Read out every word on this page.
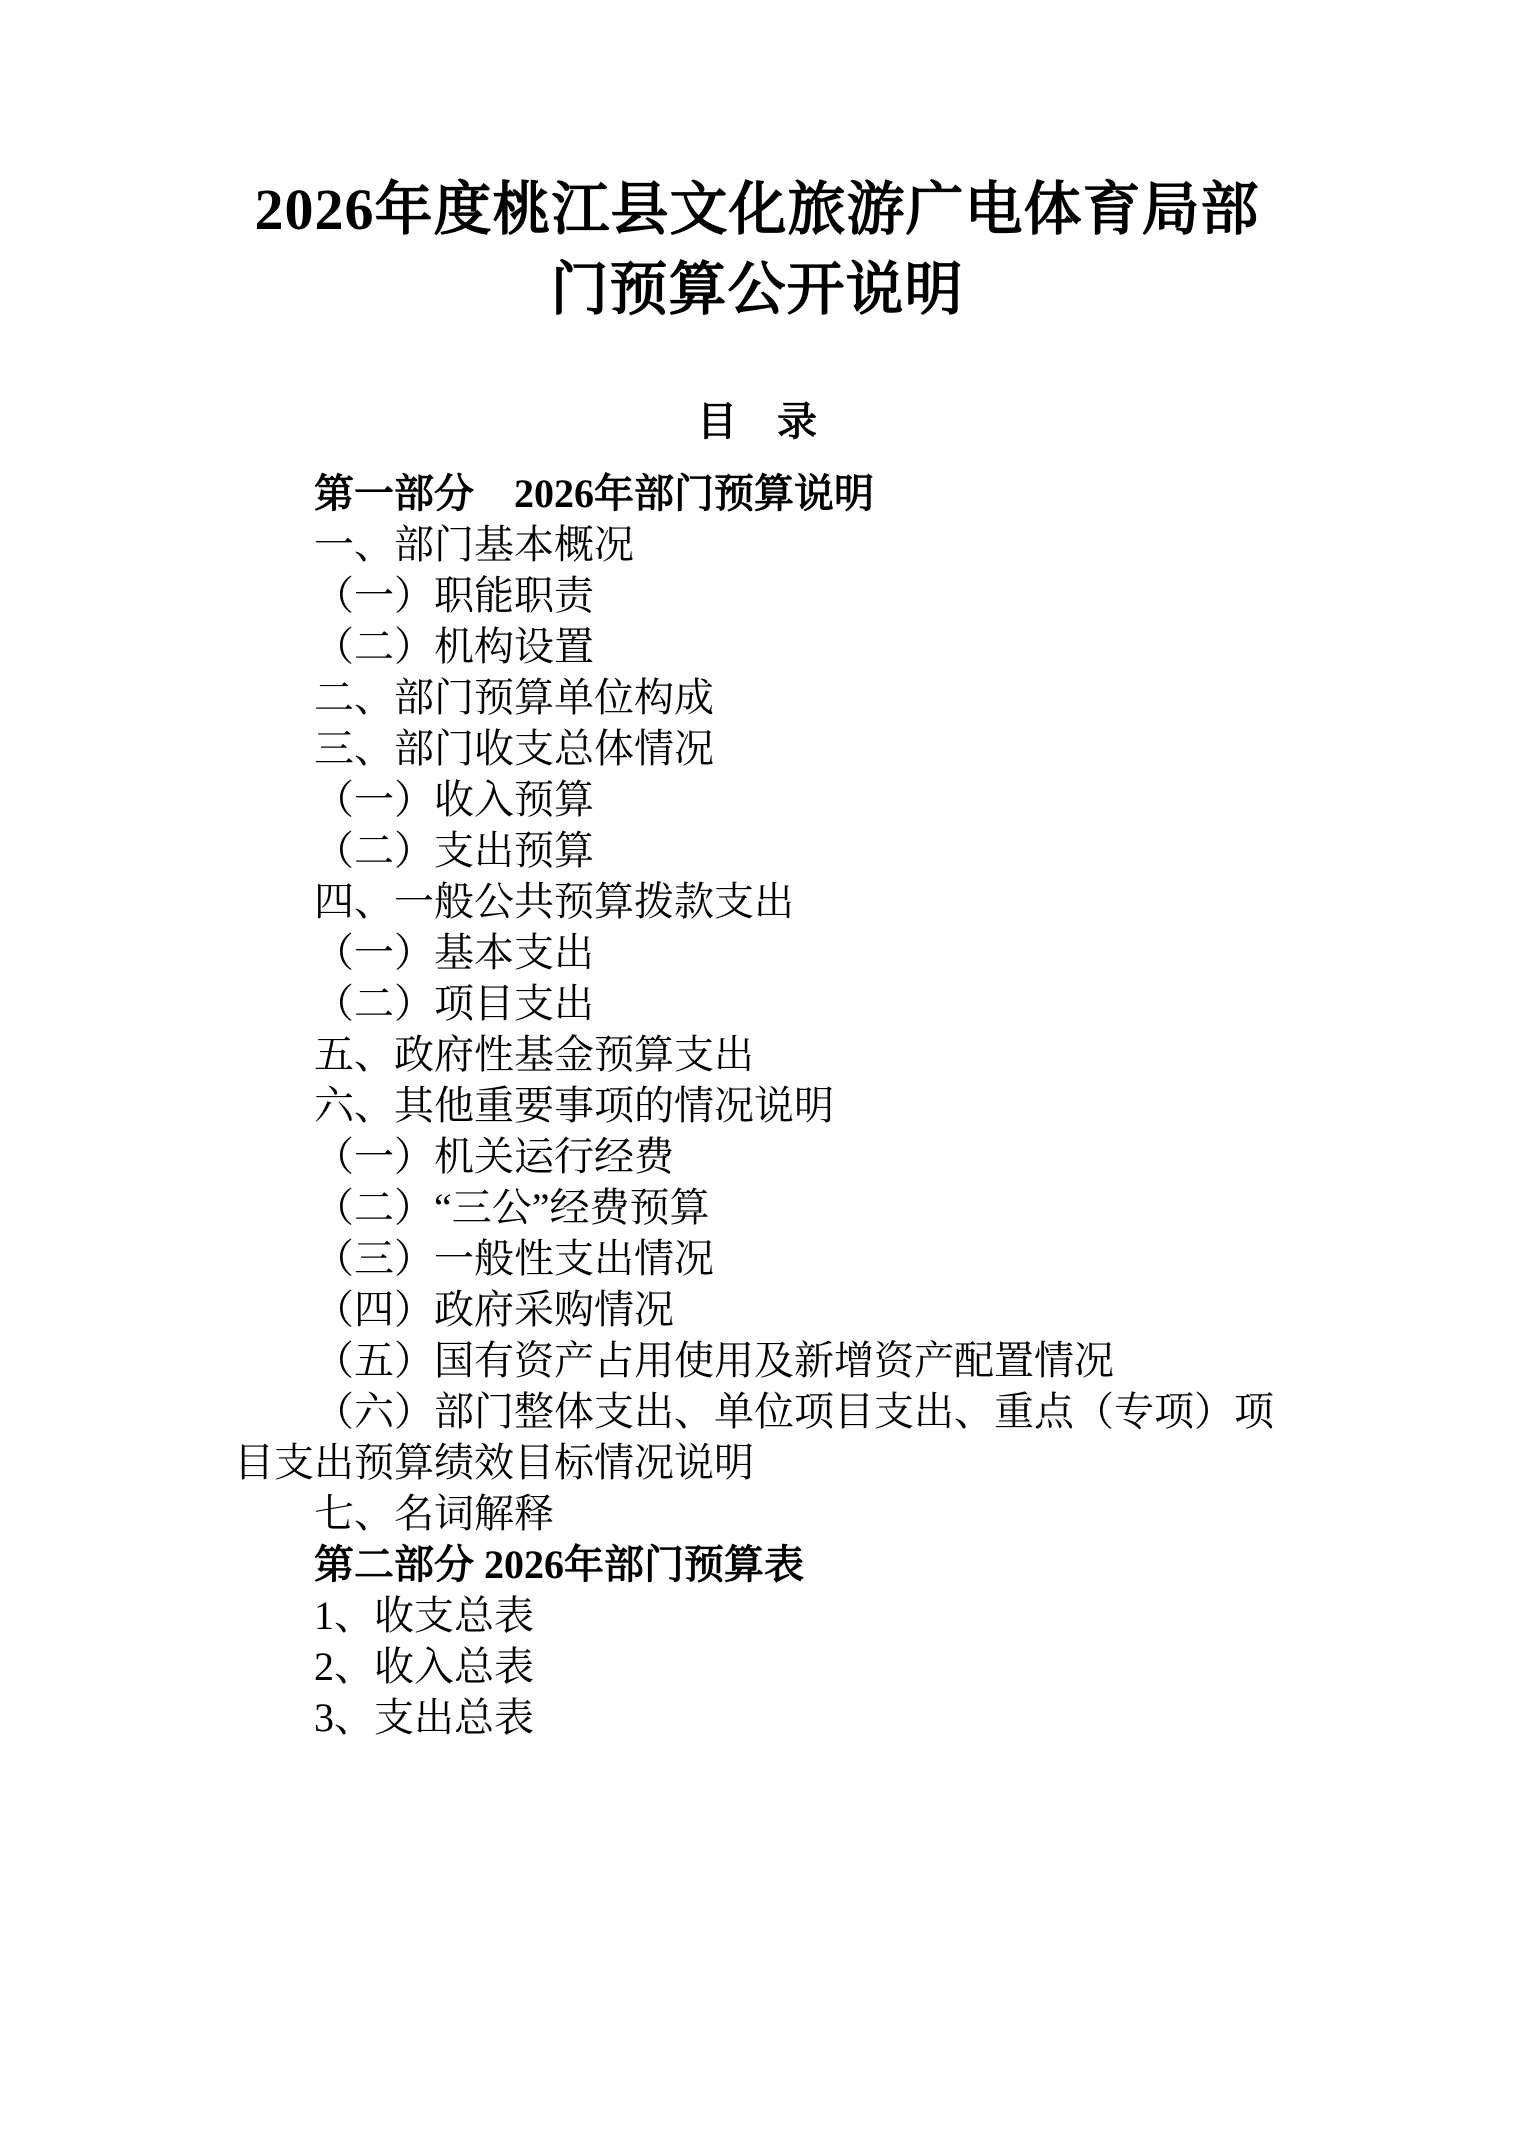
2026年度桃江县文化旅游广电体育局部
门预算公开说明
目　录

第一部分　2026年部门预算说明

一、部门基本概况

（一）职能职责

（二）机构设置

二、部门预算单位构成

三、部门收支总体情况

（一）收入预算

（二）支出预算

四、一般公共预算拨款支出

（一）基本支出

（二）项目支出

五、政府性基金预算支出

六、其他重要事项的情况说明

（一）机关运行经费

（二）“三公”经费预算

（三）一般性支出情况

（四）政府采购情况

（五）国有资产占用使用及新增资产配置情况

（六）部门整体支出、单位项目支出、重点（专项）项目支出预算绩效目标情况说明

七、名词解释

第二部分 2026年部门预算表

1、收支总表

2、收入总表

3、支出总表
